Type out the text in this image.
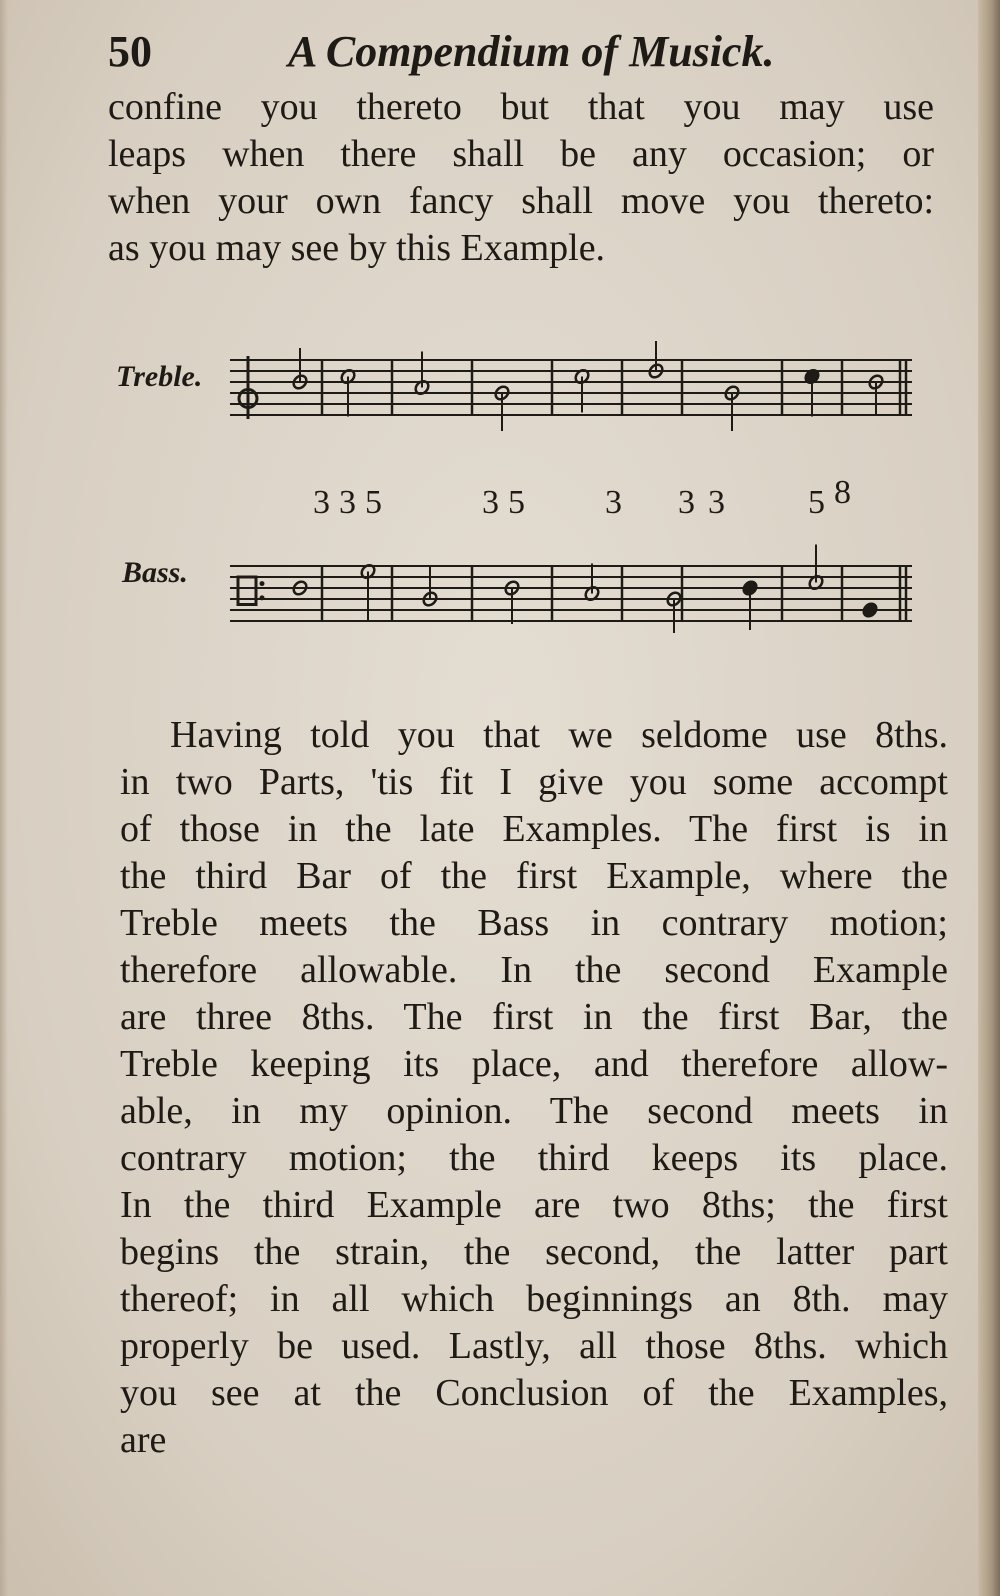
50	A Compendium of Musick.
confine you thereto but that you may use
leaps when there shall be any occasion; or
when your own fancy shall move you thereto:
as you may see by this Example.
Treble.
3 3 5	3 5 3 3 3 5 8
Bass.
Having told you that we seldome use 8ths.
in two Parts, 'tis fit I give you some accompt
of those in the late Examples. The first is in
the third Bar of the first Example, where the
Treble meets the Bass in contrary motion;
therefore allowable. In the second Example
are three 8ths. The first in the first Bar, the
Treble keeping its place, and therefore allow-
able, in my opinion. The second meets in
contrary motion; the third keeps its place.
In the third Example are two 8ths; the first
begins the strain, the second, the latter part
thereof; in all which beginnings an 8th. may
properly be used. Lastly, all those 8ths. which
you see at the Conclusion of the Examples,
are
